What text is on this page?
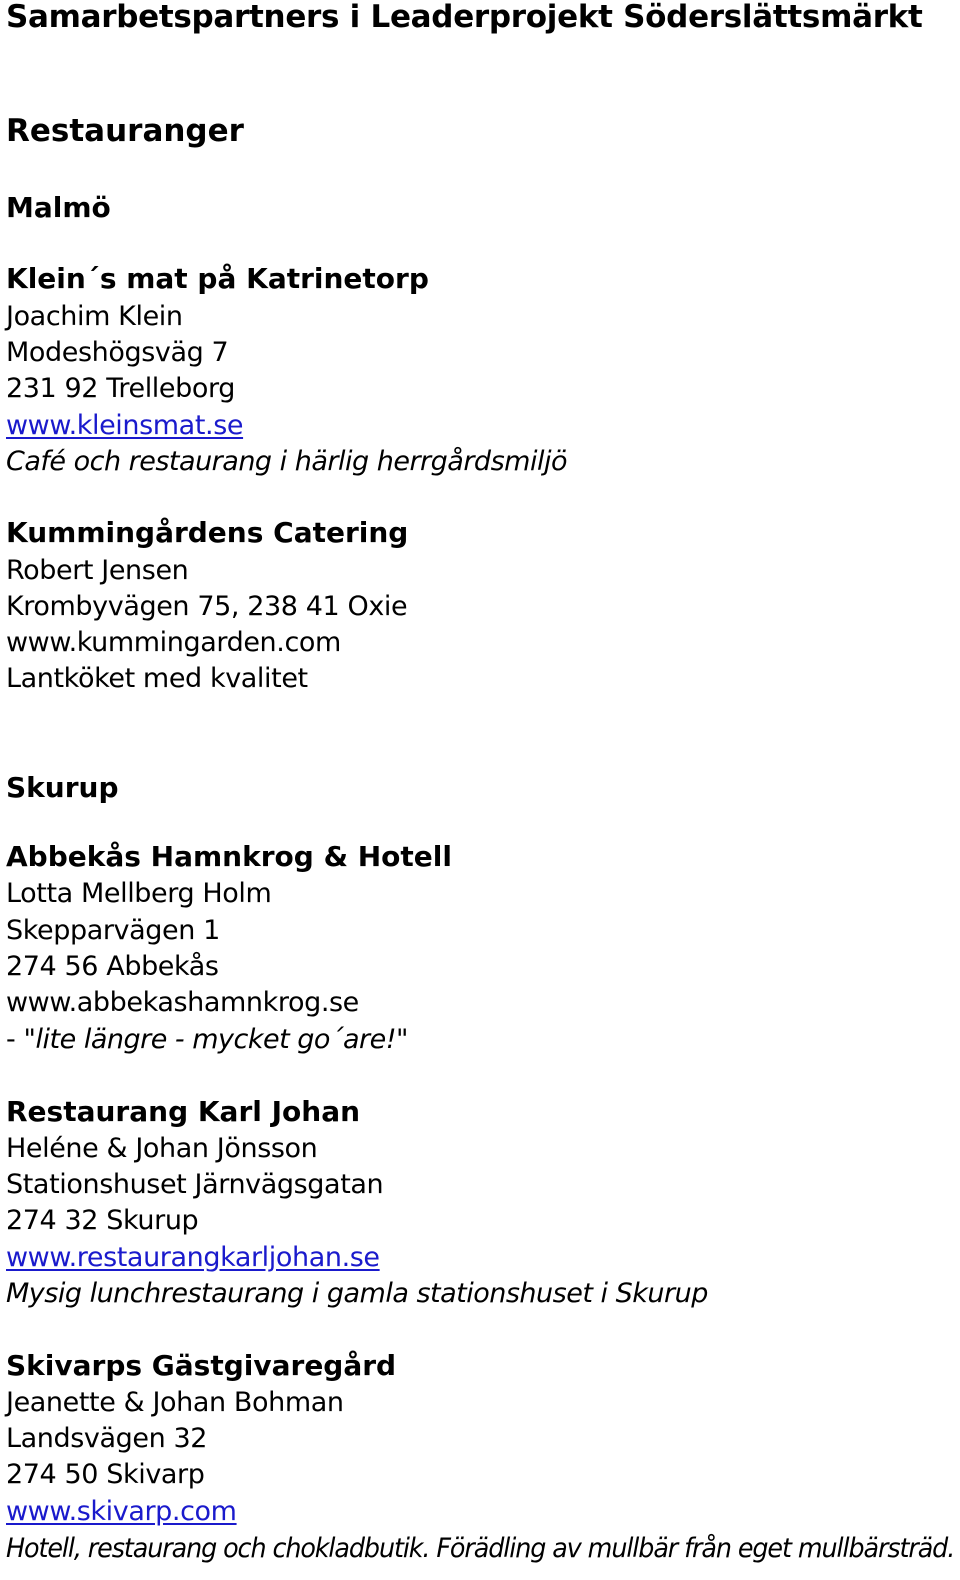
Samarbetspartners i Leaderprojekt Söderslättsmärkt
Restauranger
Malmö
Klein´s mat på Katrinetorp
Joachim Klein
Modeshögsväg 7
231 92 Trelleborg
www.kleinsmat.se
Café och restaurang i härlig herrgårdsmiljö
Kummingårdens Catering
Robert Jensen
Krombyvägen 75, 238 41 Oxie
www.kummingarden.com
Lantköket med kvalitet
Skurup
Abbekås Hamnkrog & Hotell
Lotta Mellberg Holm
Skepparvägen 1
274 56 Abbekås
www.abbekashamnkrog.se
- "lite längre - mycket go´are!"
Restaurang Karl Johan
Heléne & Johan Jönsson
Stationshuset Järnvägsgatan
274 32 Skurup
www.restaurangkarljohan.se
Mysig lunchrestaurang i gamla stationshuset i Skurup
Skivarps Gästgivaregård
Jeanette & Johan Bohman
Landsvägen 32
274 50 Skivarp
www.skivarp.com
Hotell, restaurang och chokladbutik. Förädling av mullbär från eget mullbärsträd.
